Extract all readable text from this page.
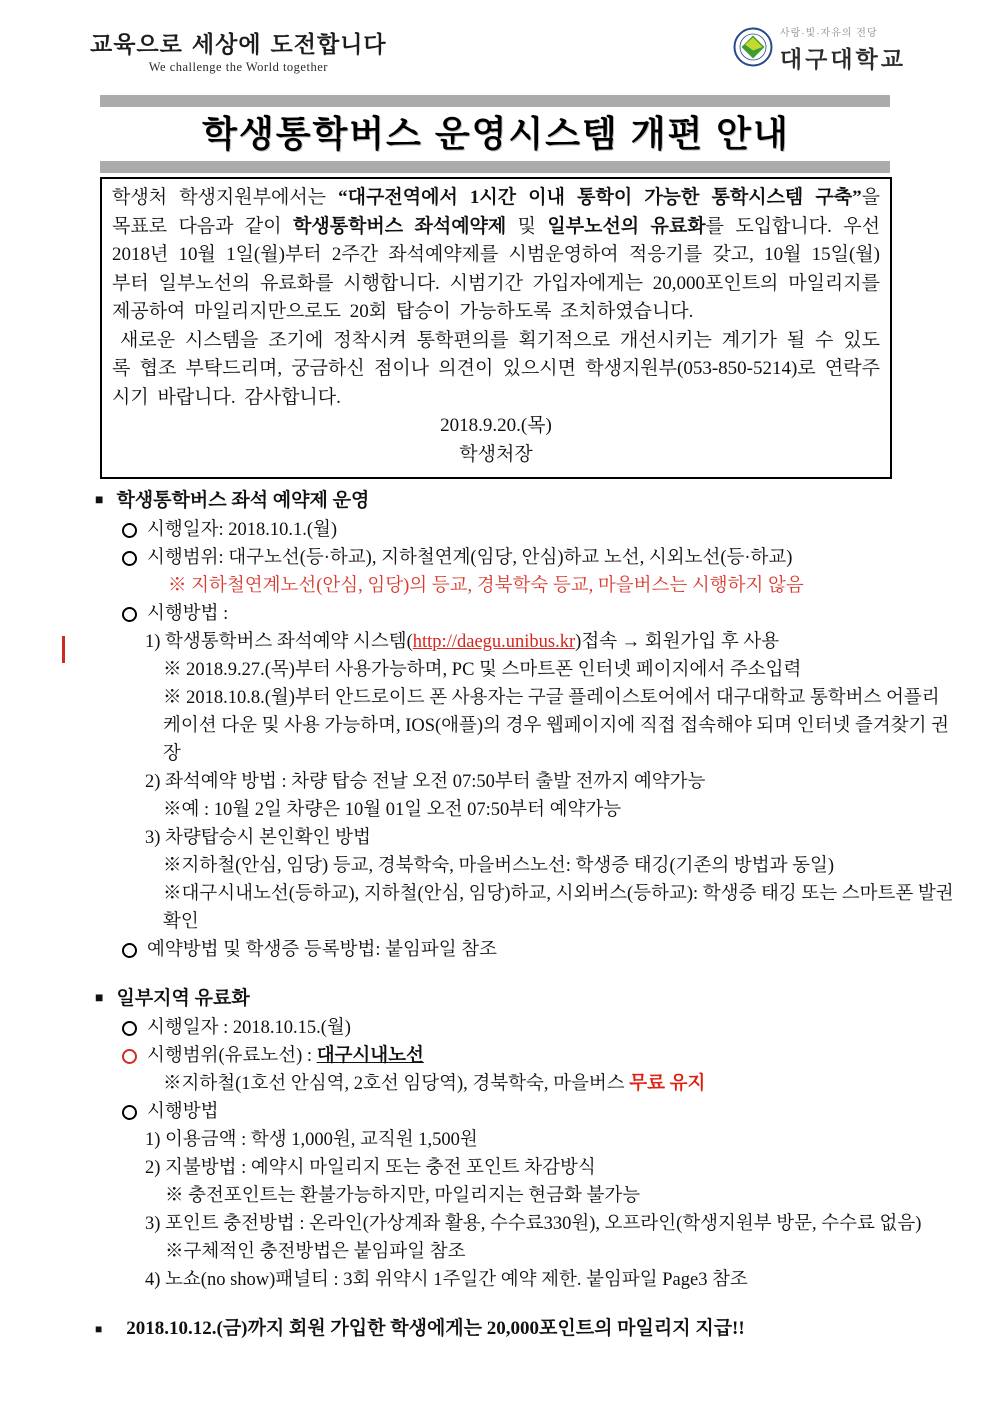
교육으로 세상에 도전합니다
We challenge the World together
사랑·빛·자유의 전당
대구대학교
학생통학버스 운영시스템 개편 안내

학생처 학생지원부에서는 “대구전역에서 1시간 이내 통학이 가능한 통학시스템 구축”을 목표로 다음과 같이 학생통학버스 좌석예약제 및 일부노선의 유료화를 도입합니다. 우선 2018년 10월 1일(월)부터 2주간 좌석예약제를 시범운영하여 적응기를 갖고, 10월 15일(월)부터 일부노선의 유료화를 시행합니다. 시범기간 가입자에게는 20,000포인트의 마일리지를 제공하여 마일리지만으로도 20회 탑승이 가능하도록 조치하였습니다.

새로운 시스템을 조기에 정착시켜 통학편의를 획기적으로 개선시키는 계기가 될 수 있도록 협조 부탁드리며, 궁금하신 점이나 의견이 있으시면 학생지원부(053-850-5214)로 연락주시기 바랍니다. 감사합니다.

2018.9.20.(목)

학생처장

■ 학생통학버스 좌석 예약제 운영
시행일자: 2018.10.1.(월)
시행범위: 대구노선(등·하교), 지하철연계(임당, 안심)하교 노선, 시외노선(등·하교)
※ 지하철연계노선(안심, 임당)의 등교, 경북학숙 등교, 마을버스는 시행하지 않음
시행방법 :
1) 학생통학버스 좌석예약 시스템(http://daegu.unibus.kr)접속 → 회원가입 후 사용
※ 2018.9.27.(목)부터 사용가능하며, PC 및 스마트폰 인터넷 페이지에서 주소입력
※ 2018.10.8.(월)부터 안드로이드 폰 사용자는 구글 플레이스토어에서 대구대학교 통학버스 어플리케이션 다운 및 사용 가능하며, IOS(애플)의 경우 웹페이지에 직접 접속해야 되며 인터넷 즐겨찾기 권장
2) 좌석예약 방법 : 차량 탑승 전날 오전 07:50부터 출발 전까지 예약가능
※예 : 10월 2일 차량은 10월 01일 오전 07:50부터 예약가능
3) 차량탑승시 본인확인 방법
※지하철(안심, 임당) 등교, 경북학숙, 마을버스노선: 학생증 태깅(기존의 방법과 동일)
※대구시내노선(등하교), 지하철(안심, 임당)하교, 시외버스(등하교): 학생증 태깅 또는 스마트폰 발권 확인
예약방법 및 학생증 등록방법: 붙임파일 참조
■ 일부지역 유료화
시행일자 : 2018.10.15.(월)
시행범위(유료노선) : 대구시내노선
※지하철(1호선 안심역, 2호선 임당역), 경북학숙, 마을버스 무료 유지
시행방법
1) 이용금액 : 학생 1,000원, 교직원 1,500원
2) 지불방법 : 예약시 마일리지 또는 충전 포인트 차감방식
※ 충전포인트는 환불가능하지만, 마일리지는 현금화 불가능
3) 포인트 충전방법 : 온라인(가상계좌 활용, 수수료330원), 오프라인(학생지원부 방문, 수수료 없음)
※구체적인 충전방법은 붙임파일 참조
4) 노쇼(no show)패널티 : 3회 위약시 1주일간 예약 제한. 붙임파일 Page3 참조
■ 2018.10.12.(금)까지 회원 가입한 학생에게는 20,000포인트의 마일리지 지급!!
